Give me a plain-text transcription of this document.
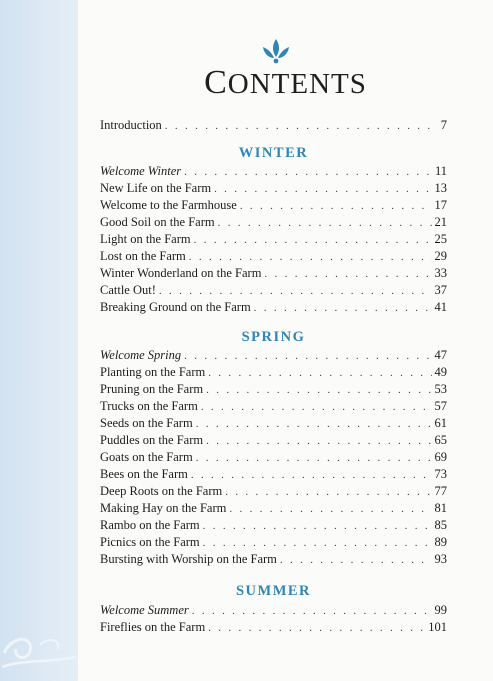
CONTENTS
Introduction . . .	7
WINTER
Welcome Winter . . .	11
New Life on the Farm . . .	13
Welcome to the Farmhouse . . .	17
Good Soil on the Farm . . .	21
Light on the Farm . . .	25
Lost on the Farm . . .	29
Winter Wonderland on the Farm . . .	33
Cattle Out! . . .	37
Breaking Ground on the Farm . . .	41
SPRING
Welcome Spring . . .	47
Planting on the Farm . . .	49
Pruning on the Farm . . .	53
Trucks on the Farm . . .	57
Seeds on the Farm . . .	61
Puddles on the Farm . . .	65
Goats on the Farm . . .	69
Bees on the Farm . . .	73
Deep Roots on the Farm . . .	77
Making Hay on the Farm . . .	81
Rambo on the Farm . . .	85
Picnics on the Farm . . .	89
Bursting with Worship on the Farm . . .	93
SUMMER
Welcome Summer . . .	99
Fireflies on the Farm . . .	101
